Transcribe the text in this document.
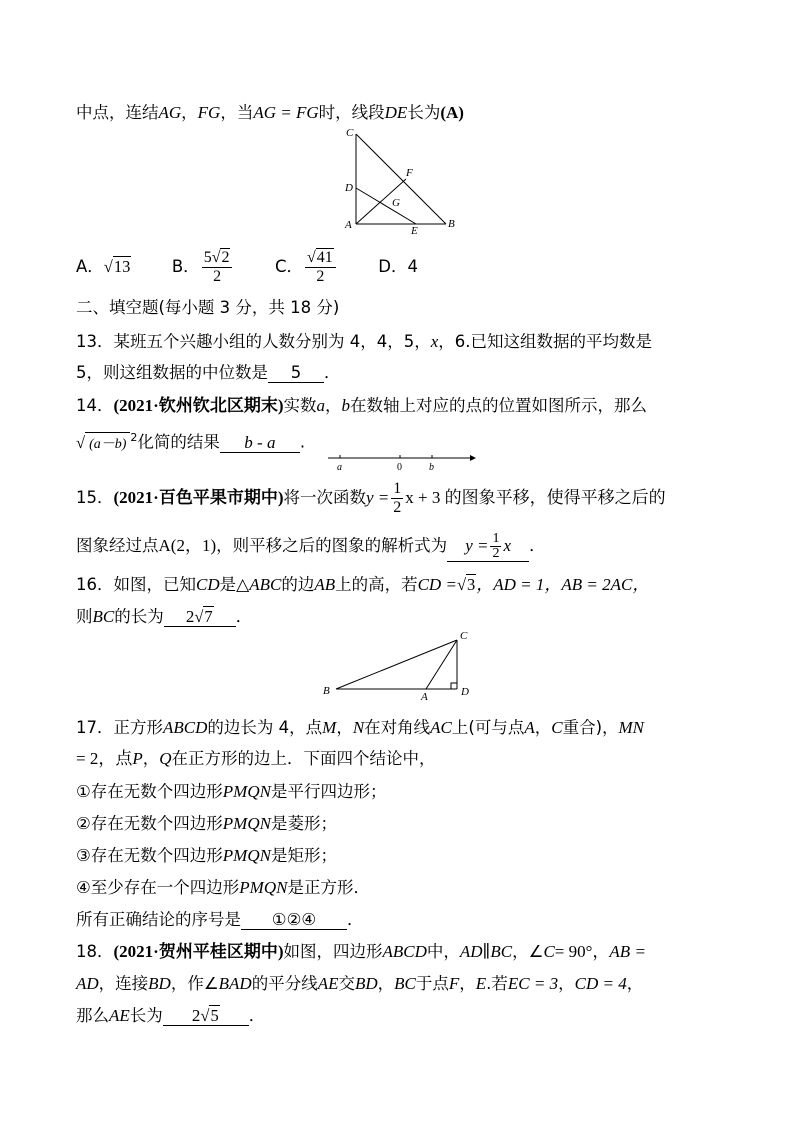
中点，连结AG，FG，当AG = FG时，线段DE长为(A)
C
D
F
G
A	E
B
A．√13	B． $\frac{5√2}{2}$	C． $\frac{√41}{2}$	D．4
二、填空题(每小题 3 分，共 18 分)
13．某班五个兴趣小组的人数分别为 4，4，5，x，6.已知这组数据的平均数是
5，则这组数据的中位数是 5 ．
14．(2021·钦州钦北区期末)实数a，b在数轴上对应的点的位置如图所示，那么
√ (a－b) $^2$化简的结果 b - a .
a	0	b
15．(2021·百色平果市期中)将一次函数$y = \frac{1}{2}$ x + 3 的图象平移，使得平移之后的
图象经过点A(2，1)，则平移之后的图象的解析式为 $y = \frac{1}{2}$ x ．
16．如图，已知CD是△ABC的边AB上的高，若CD =√3，AD = 1，AB = 2AC，
则BC的长为 2√7 ．
C
B	A	D
17．正方形ABCD的边长为 4，点M，N在对角线AC上(可与点A，C重合)，MN
= 2，点P，Q在正方形的边上．下面四个结论中，
①存在无数个四边形PMQN是平行四边形；
②存在无数个四边形PMQN是菱形；
③存在无数个四边形PMQN是矩形；
④至少存在一个四边形PMQN是正方形．
所有正确结论的序号是 ①②④ ．
18．(2021·贺州平桂区期中)如图，四边形ABCD中，AD∥BC，∠C= 90°，AB =
AD，连接BD，作∠BAD的平分线AE交BD，BC于点F，E.若EC = 3，CD = 4，
那么AE长为 2√5 ．
